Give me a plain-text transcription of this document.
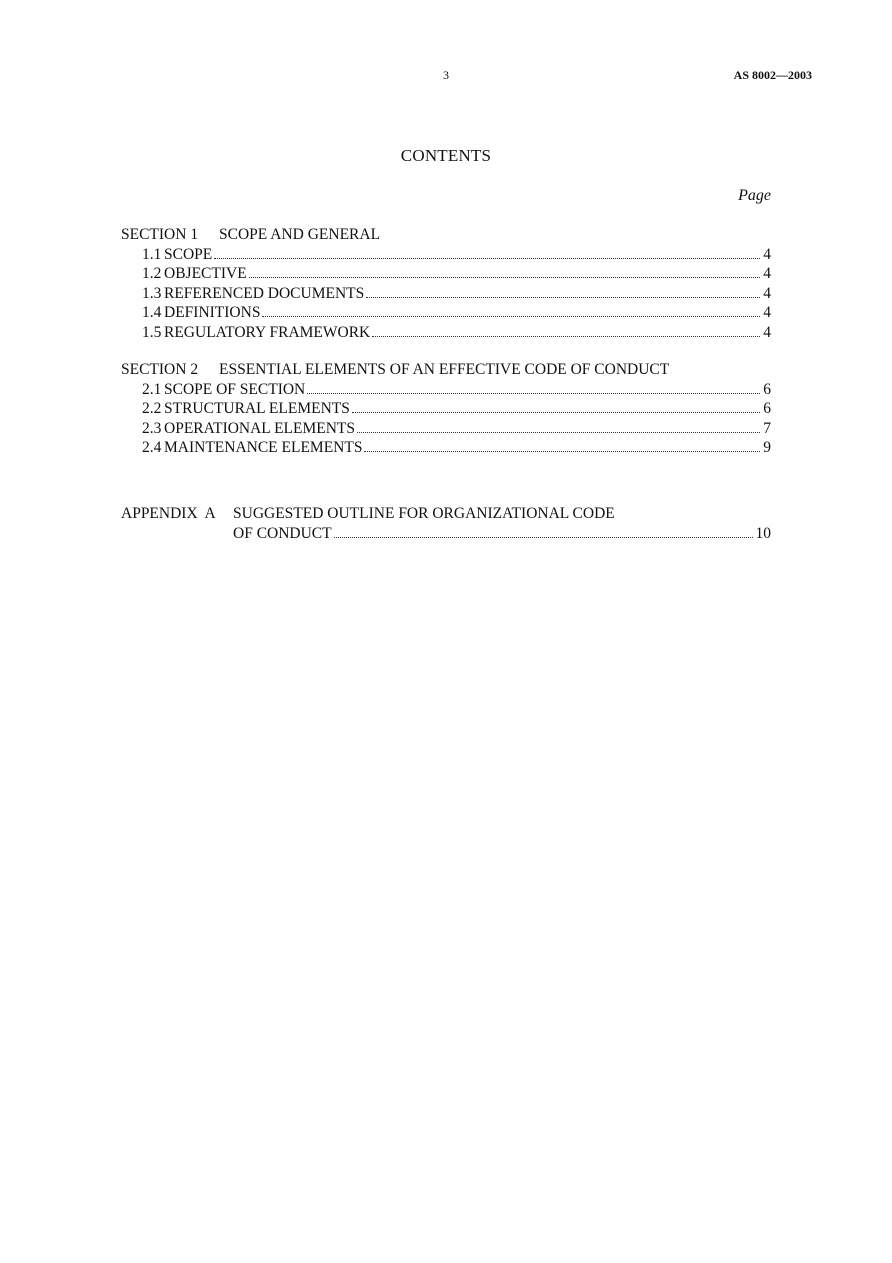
3	AS 8002—2003
CONTENTS
Page
SECTION 1 SCOPE AND GENERAL
1.1 SCOPE	4
1.2 OBJECTIVE	4
1.3 REFERENCED DOCUMENTS	4
1.4 DEFINITIONS	4
1.5 REGULATORY FRAMEWORK	4
SECTION 2 ESSENTIAL ELEMENTS OF AN EFFECTIVE CODE OF CONDUCT
2.1 SCOPE OF SECTION	6
2.2 STRUCTURAL ELEMENTS	6
2.3 OPERATIONAL ELEMENTS	7
2.4 MAINTENANCE ELEMENTS	9
APPENDIX  A SUGGESTED OUTLINE FOR ORGANIZATIONAL CODE
OF CONDUCT	10
